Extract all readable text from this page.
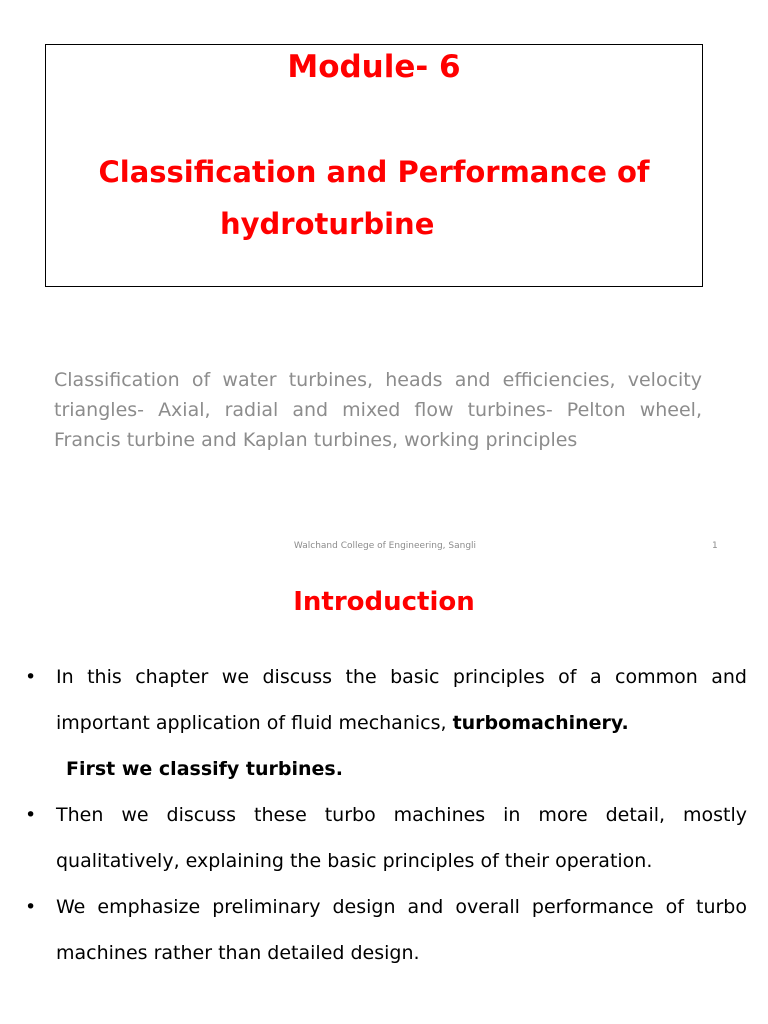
Module- 6
Classification and Performance of
hydroturbine
Classification of water turbines, heads and efficiencies, velocity triangles- Axial, radial and mixed flow turbines- Pelton wheel, Francis turbine and Kaplan turbines, working principles
Walchand College of Engineering, Sangli	1
Introduction
• In this chapter we discuss the basic principles of a common and important application of fluid mechanics, turbomachinery.
First we classify turbines.
• Then we discuss these turbo machines in more detail, mostly qualitatively, explaining the basic principles of their operation.
• We emphasize preliminary design and overall performance of turbo machines rather than detailed design.
